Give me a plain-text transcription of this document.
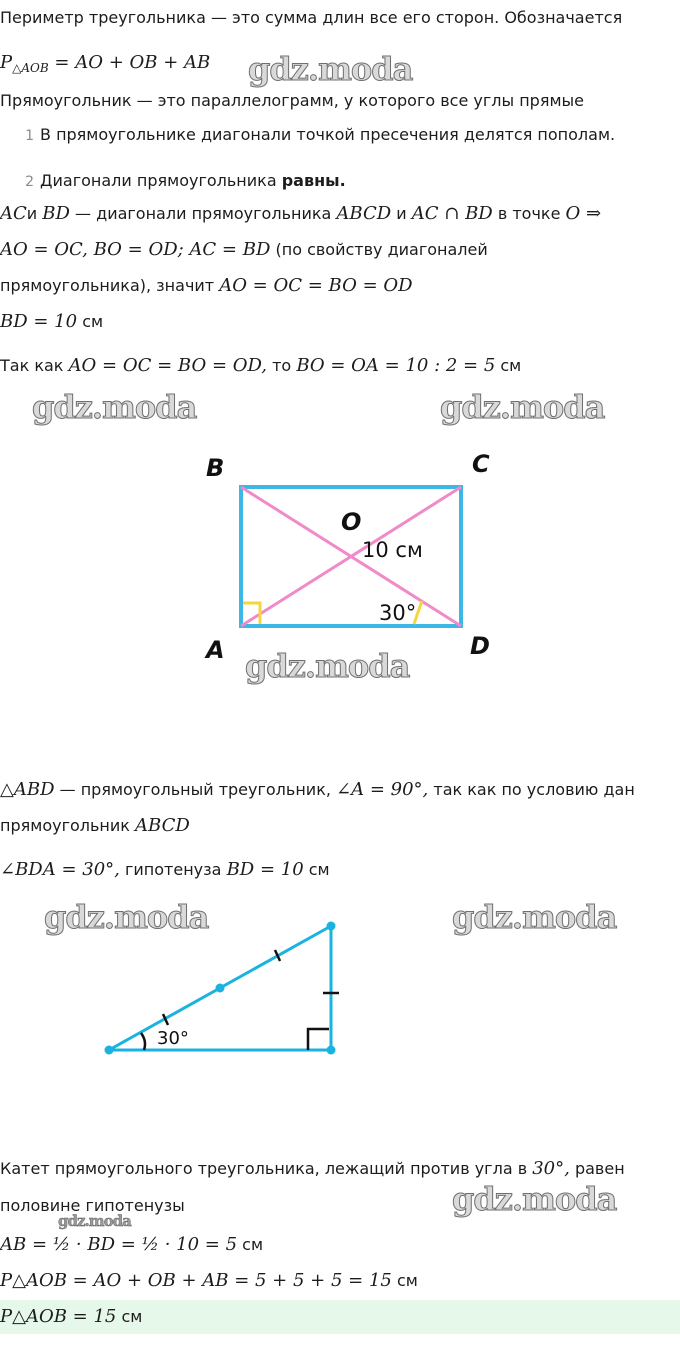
Периметр треугольника — это сумма длин все его сторон. Обозначается
$P_{\triangle AOB}$ = AO + OB + AB gdz.moda
Прямоугольник — это параллелограмм, у которого все углы прямые
1 В прямоугольнике диагонали точкой пресечения делятся пополам.
2 Диагонали прямоугольника равны.
ACи BD — диагонали прямоугольника ABCD и AC ∩ BD в точке O ⇒
AO = OC, BO = OD; AC = BD (по свойству диагоналей
прямоугольника), значит AO = OC = BO = OD
BD = 10 см
Так как AO = OC = BO = OD, то BO = OA = 10 : 2 = 5 см
gdz.moda	gdz.moda
B	C
A	D
O
10 см
30°
gdz.moda
△ABD — прямоугольный треугольник, ∠A = 90°, так как по условию дан
прямоугольник ABCD
∠BDA = 30°, гипотенуза BD = 10 см
gdz.moda	gdz.moda
30°
Катет прямоугольного треугольника, лежащий против угла в 30°, равен
половине гипотенузы	gdz.moda
gdz.moda
AB = ½ · BD = ½ · 10 = 5 см
P△AOB = AO + OB + AB = 5 + 5 + 5 = 15 см
P△AOB = 15 см
